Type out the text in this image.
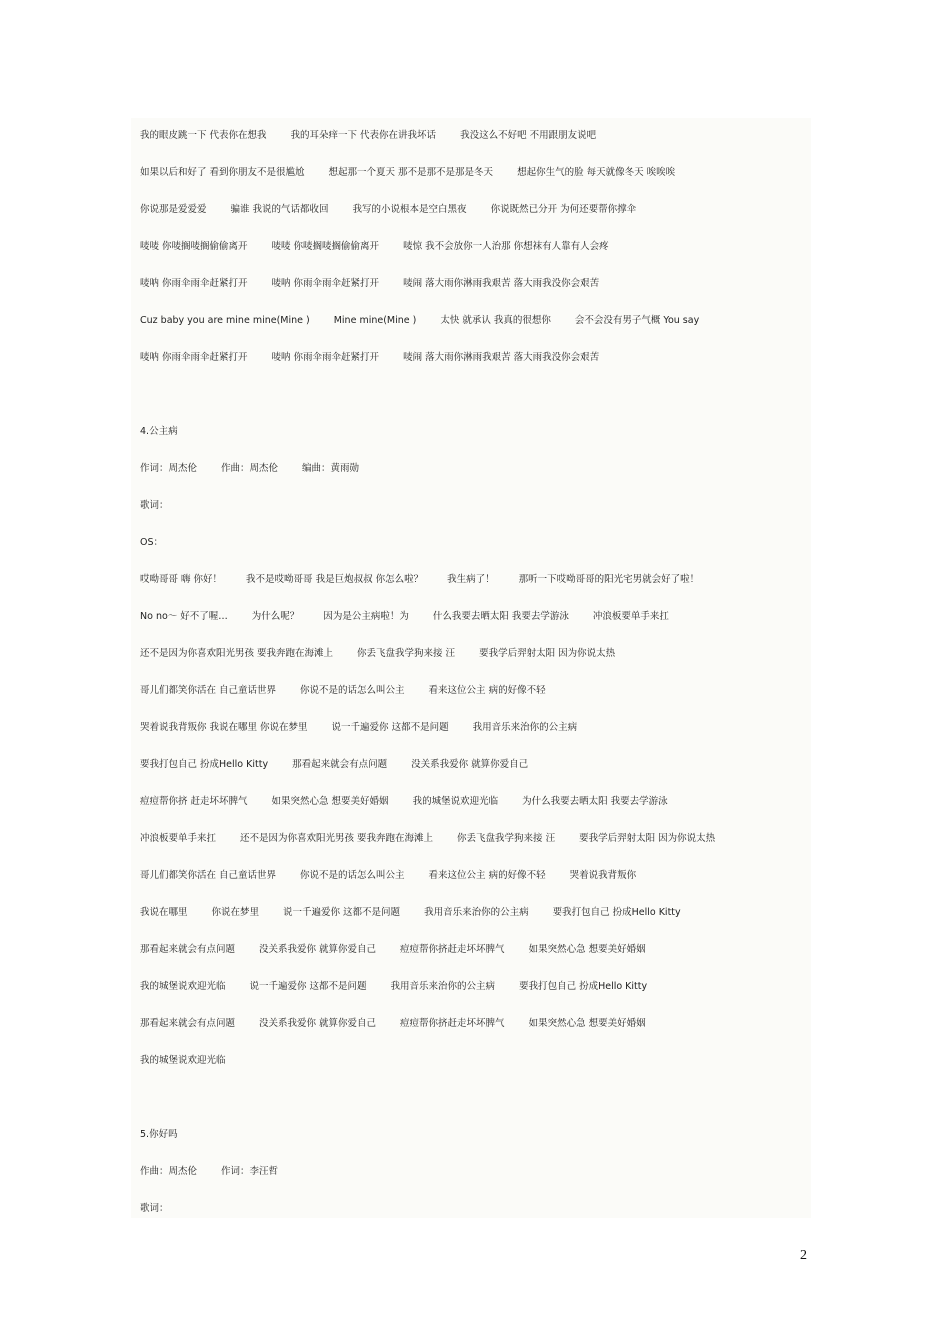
我的眼皮跳一下 代表你在想我	我的耳朵痒一下 代表你在讲我坏话	我没这么不好吧 不用跟朋友说吧
如果以后和好了 看到你朋友不是很尴尬	想起那一个夏天 那不是那不是那是冬天	想起你生气的脸 每天就像冬天 唉唉唉
你说那是爱爱爱	骗谁 我说的气话都收回	我写的小说根本是空白黑夜	你说既然已分开 为何还要帮你撑伞
唛唛 你唛搁唛搁偷偷离开	唛唛 你唛搁唛搁偷偷离开	唛惊 我不会放你一人治那 你想袜有人靠有人会疼
唛呐 你雨伞雨伞赶紧打开	唛呐 你雨伞雨伞赶紧打开	唛闹 落大雨你淋雨我艰苦 落大雨我没你会艰苦
Cuz baby you are mine mine(Mine )	Mine mine(Mine )	太快 就承认 我真的很想你	会不会没有男子气概 You say
唛呐 你雨伞雨伞赶紧打开	唛呐 你雨伞雨伞赶紧打开	唛闹 落大雨你淋雨我艰苦 落大雨我没你会艰苦
4.公主病
作词：周杰伦	作曲：周杰伦	编曲：黄雨勋
歌词：
OS：
哎呦哥哥 嗨 你好！	我不是哎呦哥哥 我是巨炮叔叔 你怎么啦？	我生病了！	那听一下哎呦哥哥的阳光宅男就会好了啦！
No no～ 好不了喔…	为什么呢？	因为是公主病啦！为	什么我要去晒太阳 我要去学游泳	冲浪板要单手来扛
还不是因为你喜欢阳光男孩 要我奔跑在海滩上	你丢飞盘我学狗来接 汪	要我学后羿射太阳 因为你说太热
哥儿们都笑你活在 自己童话世界	你说不是的话怎么叫公主	看来这位公主 病的好像不轻
哭着说我背叛你 我说在哪里 你说在梦里	说一千遍爱你 这都不是问题	我用音乐来治你的公主病
要我打包自己 扮成Hello Kitty	那看起来就会有点问题	没关系我爱你 就算你爱自己
痘痘帮你挤 赶走坏坏脾气	如果突然心急 想要美好婚姻	我的城堡说欢迎光临	为什么我要去晒太阳 我要去学游泳
冲浪板要单手来扛	还不是因为你喜欢阳光男孩 要我奔跑在海滩上	你丢飞盘我学狗来接 汪	要我学后羿射太阳 因为你说太热
哥儿们都笑你活在 自己童话世界	你说不是的话怎么叫公主	看来这位公主 病的好像不轻	哭着说我背叛你
我说在哪里	你说在梦里	说一千遍爱你 这都不是问题	我用音乐来治你的公主病	要我打包自己 扮成Hello Kitty
那看起来就会有点问题	没关系我爱你 就算你爱自己	痘痘帮你挤赶走坏坏脾气	如果突然心急 想要美好婚姻
我的城堡说欢迎光临	说一千遍爱你 这都不是问题	我用音乐来治你的公主病	要我打包自己 扮成Hello Kitty
那看起来就会有点问题	没关系我爱你 就算你爱自己	痘痘帮你挤赶走坏坏脾气	如果突然心急 想要美好婚姻
我的城堡说欢迎光临
5.你好吗
作曲：周杰伦	作词：李汪哲
歌词：
2
